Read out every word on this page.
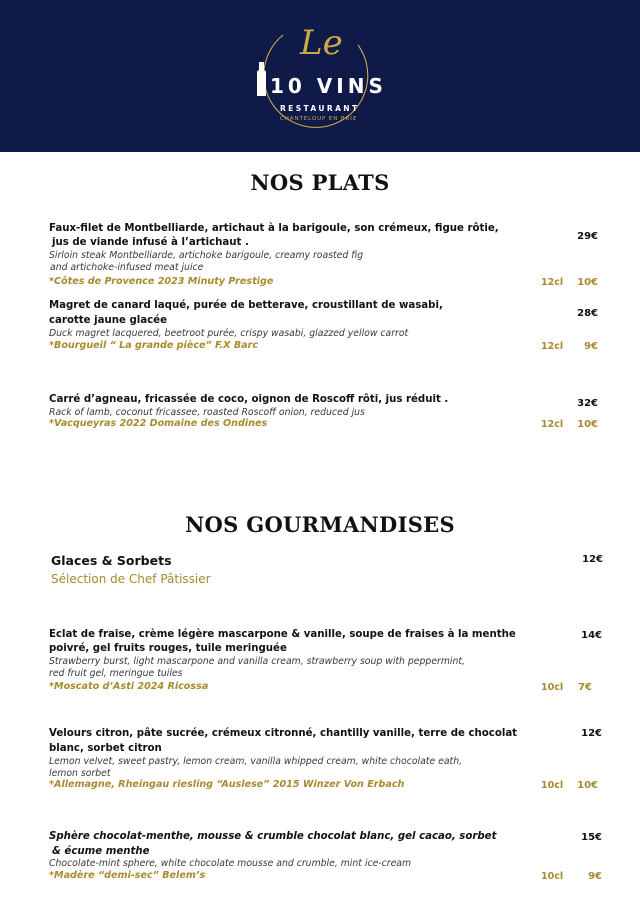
Le
10 VINS
RESTAURANT
CHANTELOUP EN BRIE
NOS PLATS
Faux-filet de Montbelliarde, artichaut à la barigoule, son crémeux, figue rôtie,
jus de viande infusé à l’artichaut .
Sirloin steak Montbelliarde, artichoke barigoule, creamy roasted fig
and artichoke-infused meat juice
29€
*Côtes de Provence 2023 Minuty Prestige	12cl	10€
Magret de canard laqué, purée de betterave, croustillant de wasabi,
carotte jaune glacée
Duck magret lacquered, beetroot purée, crispy wasabi, glazzed yellow carrot
28€
*Bourgueil “ La grande pièce” F.X Barc	12cl	9€
Carré d’agneau, fricassée de coco, oignon de Roscoff rôti, jus réduit .
Rack of lamb, coconut fricassee, roasted Roscoff onion, reduced jus
32€
*Vacqueyras 2022 Domaine des Ondines	12cl	10€
NOS GOURMANDISES
Glaces & Sorbets
Sélection de Chef Pâtissier
12€
Eclat de fraise, crème légère mascarpone & vanille, soupe de fraises à la menthe
poivré, gel fruits rouges, tuile meringuée
Strawberry burst, light mascarpone and vanilla cream, strawberry soup with peppermint,
red fruit gel, meringue tuiles
14€
*Moscato d’Asti 2024 Ricossa	10cl	7€
Velours citron, pâte sucrée, crémeux citronné, chantilly vanille, terre de chocolat
blanc, sorbet citron
Lemon velvet, sweet pastry, lemon cream, vanilla whipped cream, white chocolate eath,
lemon sorbet
12€
*Allemagne, Rheingau riesling “Auslese” 2015 Winzer Von Erbach	10cl	10€
Sphère chocolat-menthe, mousse & crumble chocolat blanc, gel cacao, sorbet
& écume menthe
Chocolate-mint sphere, white chocolate mousse and crumble, mint ice-cream
15€
*Madère “demi-sec” Belem’s	10cl	9€
